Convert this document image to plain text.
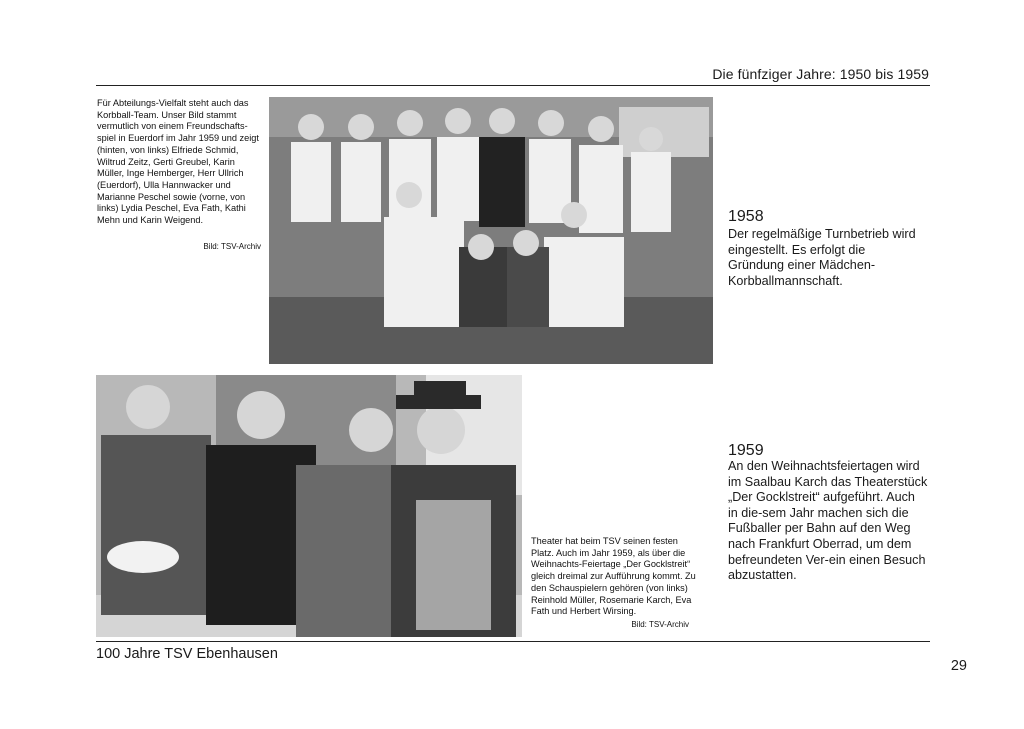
Die fünfziger Jahre: 1950 bis 1959
Für Abteilungs-Vielfalt steht auch das Korbball-Team. Unser Bild stammt vermutlich von einem Freundschafts-spiel in Euerdorf im Jahr 1959 und zeigt (hinten, von links) Elfriede Schmid, Wiltrud Zeitz, Gerti Greubel, Karin Müller, Inge Hemberger, Herr Ullrich (Euerdorf), Ulla Hannwacker und Marianne Peschel sowie (vorne, von links) Lydia Peschel, Eva Fath, Kathi Mehn und Karin Weigend.
Bild: TSV-Archiv
1958
Der regelmäßige Turnbetrieb wird eingestellt. Es erfolgt die Gründung einer Mädchen-Korbballmannschaft.
Theater hat beim TSV seinen festen Platz. Auch im Jahr 1959, als über die Weihnachts-Feiertage „Der Gocklstreit“ gleich dreimal zur Aufführung kommt. Zu den Schauspielern gehören (von links) Reinhold Müller, Rosemarie Karch, Eva Fath und Herbert Wirsing.
Bild: TSV-Archiv
1959
An den Weihnachtsfeiertagen wird im Saalbau Karch das Theaterstück „Der Gocklstreit“ aufgeführt. Auch in die-sem Jahr machen sich die Fußballer per Bahn auf den Weg nach Frankfurt Oberrad, um dem befreundeten Ver-ein einen Besuch abzustatten.
100 Jahre TSV Ebenhausen
29
